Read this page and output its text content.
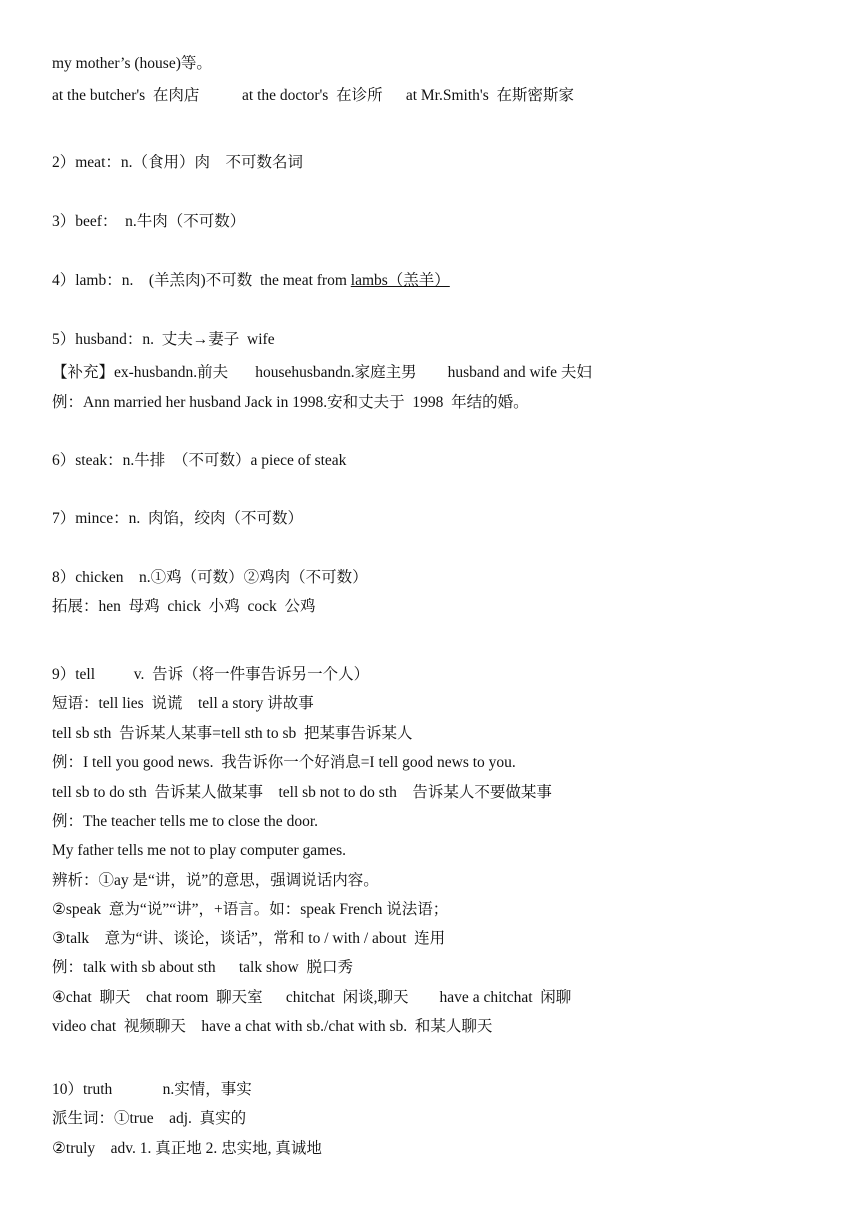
my mother’s (house)等。

at the butcher's  在肉店           at the doctor's  在诊所      at Mr.Smith's  在斯密斯家

2）meat：n.（食用）肉    不可数名词

3）beef：  n.牛肉（不可数）

4）lamb：n.    (羊羔肉)不可数  the meat from lambs（羔羊）

5）husband：n.  丈夫→妻子  wife

【补充】ex-husbandn.前夫       househusbandn.家庭主男        husband and wife 夫妇

例：Ann married her husband Jack in 1998.安和丈夫于  1998  年结的婚。

6）steak：n.牛排  （不可数）a piece of steak

7）mince：n.  肉馅，绞肉（不可数）

8）chicken    n.①鸡（可数）②鸡肉（不可数）

拓展：hen  母鸡  chick  小鸡  cock  公鸡

9）tell          v.  告诉（将一件事告诉另一个人）

短语：tell lies  说谎    tell a story 讲故事

tell sb sth  告诉某人某事=tell sth to sb  把某事告诉某人

例：I tell you good news.  我告诉你一个好消息=I tell good news to you.

tell sb to do sth  告诉某人做某事    tell sb not to do sth    告诉某人不要做某事

例：The teacher tells me to close the door.

My father tells me not to play computer games.

辨析：①ay 是“讲，说”的意思，强调说话内容。

②speak  意为“说”“讲”，+语言。如：speak French 说法语；

③talk    意为“讲、谈论，谈话”，常和 to / with / about  连用

例：talk with sb about sth      talk show  脱口秀

④chat  聊天    chat room  聊天室      chitchat  闲谈,聊天        have a chitchat  闲聊

video chat  视频聊天    have a chat with sb./chat with sb.  和某人聊天

10）truth             n.实情，事实

派生词：①true    adj.  真实的

②truly    adv. 1. 真正地 2. 忠实地, 真诚地
